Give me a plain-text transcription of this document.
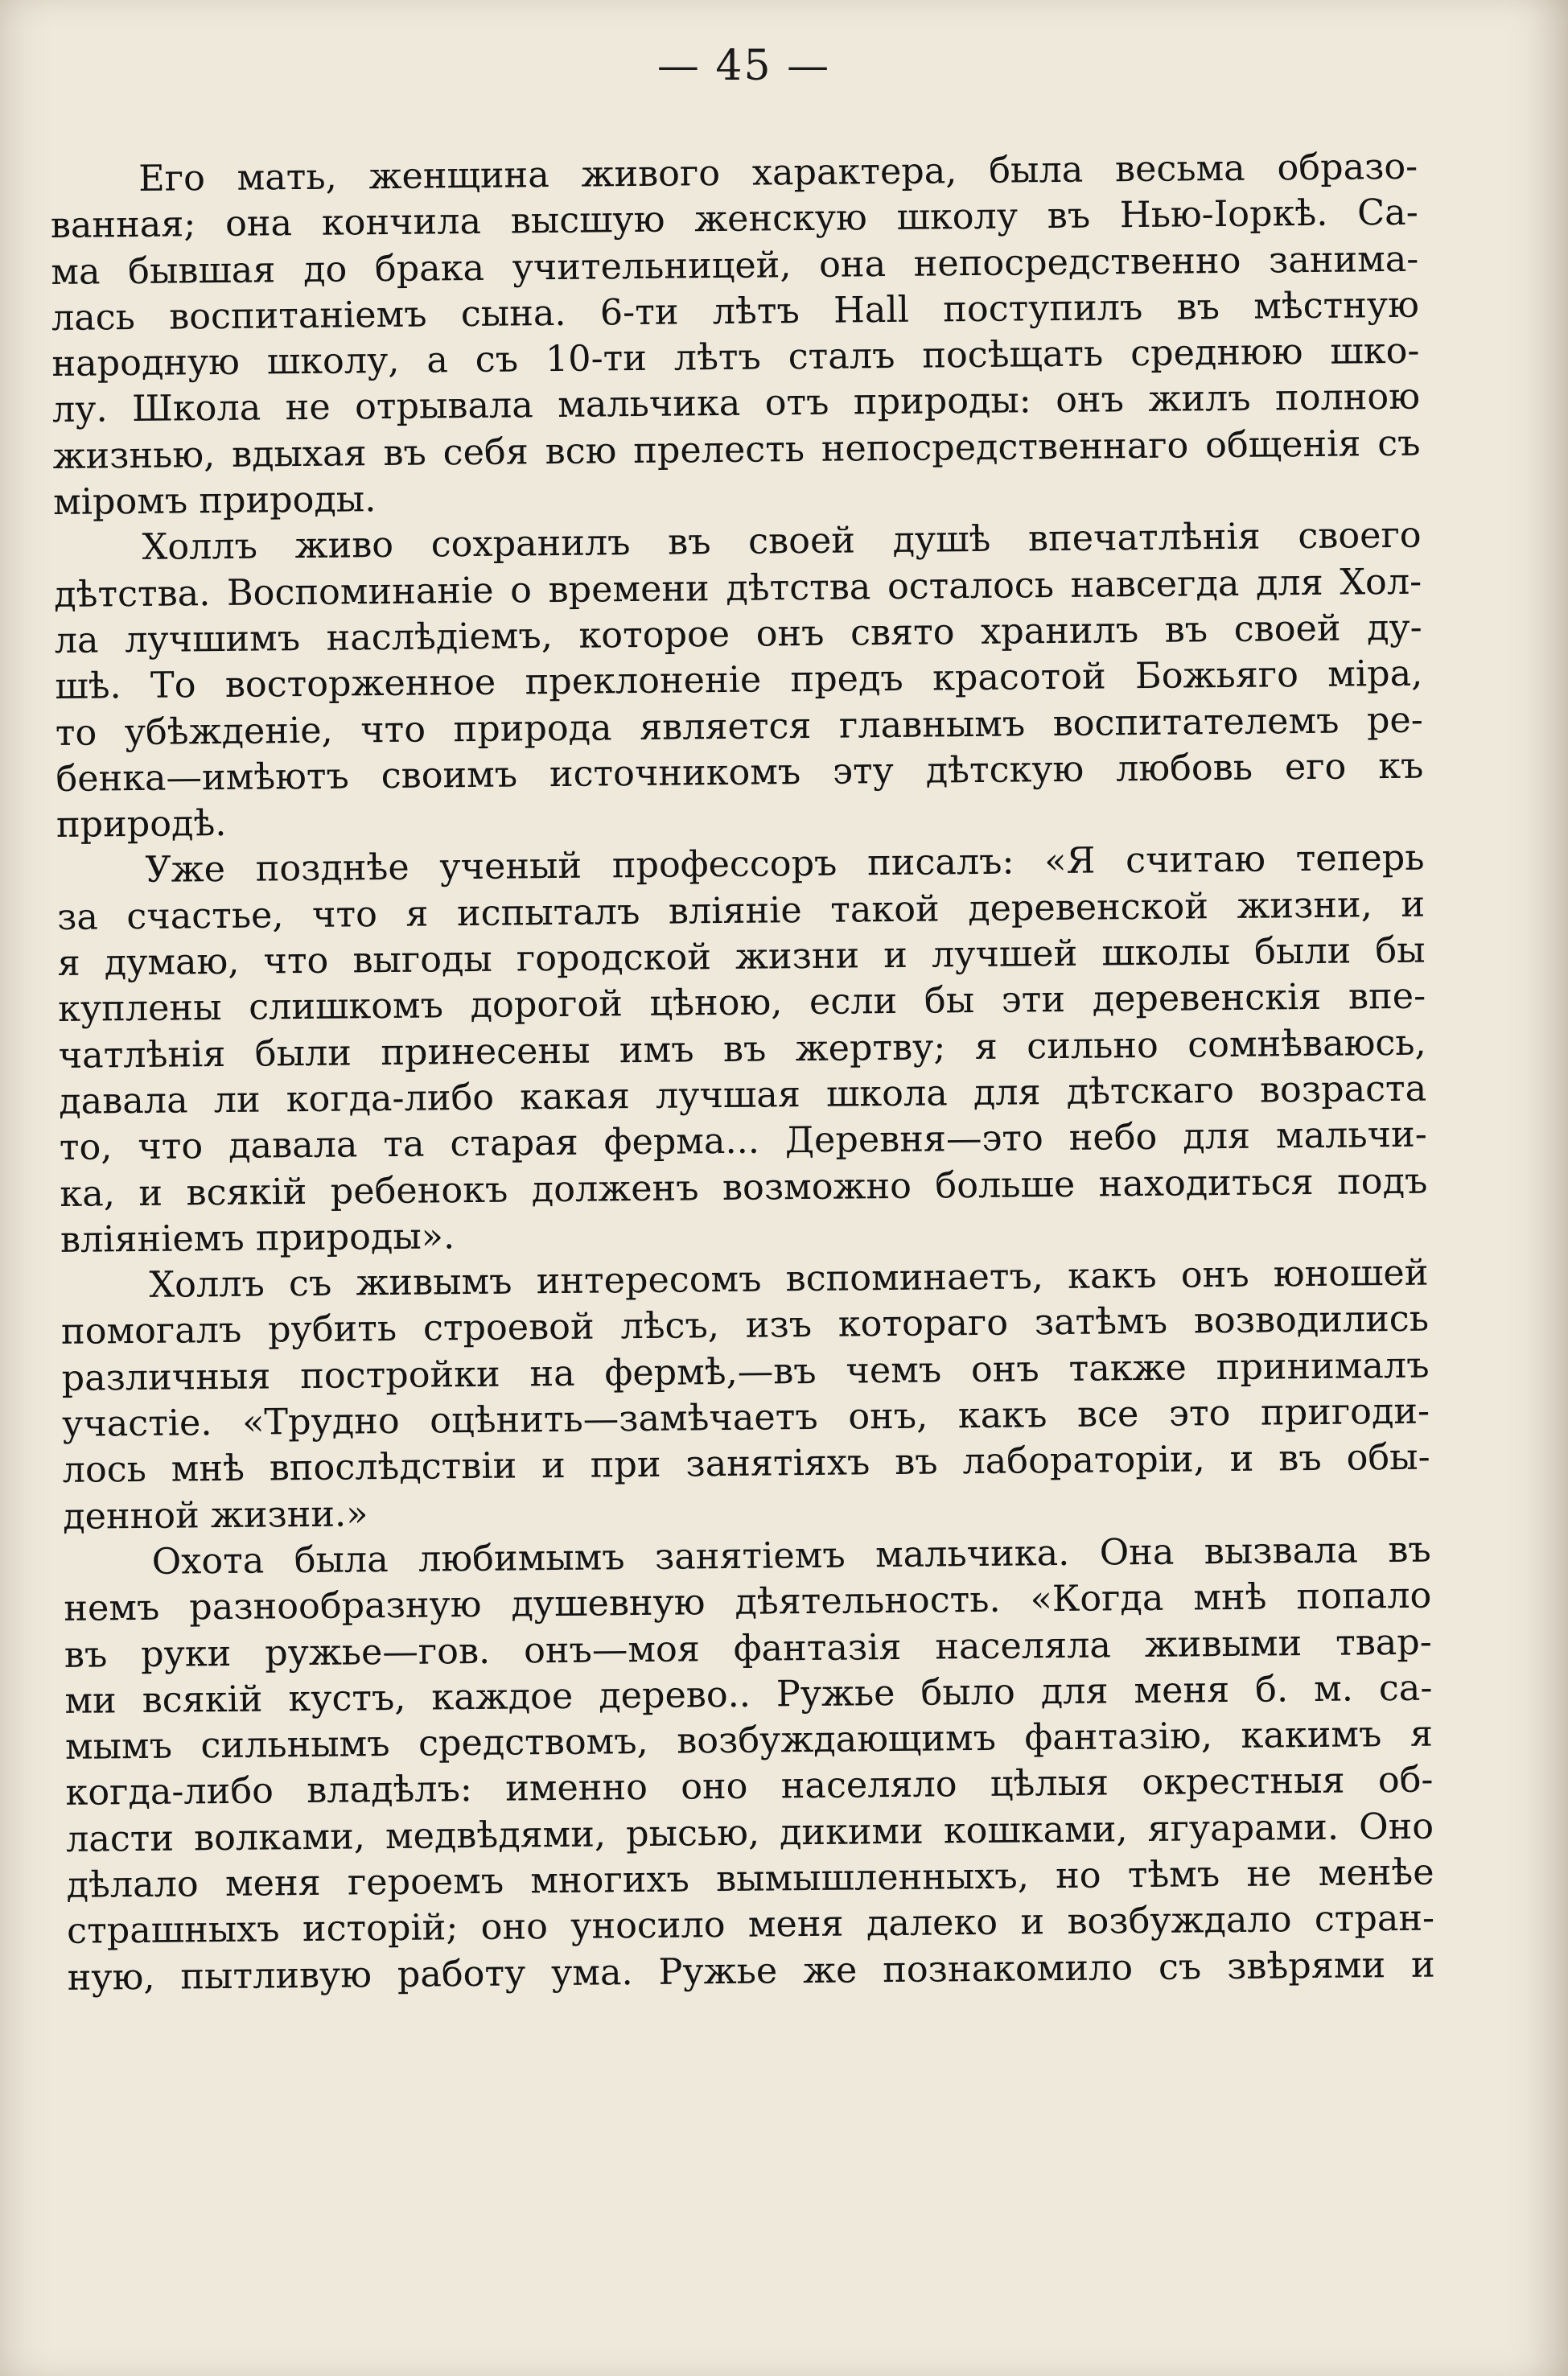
— 45 —
Его мать, женщина живого характера, была весьма образо-
ванная; она кончила высшую женскую школу въ Нью-Іоркѣ. Са-
ма бывшая до брака учительницей, она непосредственно занима-
лась воспитаніемъ сына. 6-ти лѣтъ Hall поступилъ въ мѣстную
народную школу, а съ 10-ти лѣтъ сталъ посѣщать среднюю шко-
лу. Школа не отрывала мальчика отъ природы: онъ жилъ полною
жизнью, вдыхая въ себя всю прелесть непосредственнаго общенія съ
міромъ природы.
Холлъ живо сохранилъ въ своей душѣ впечатлѣнія своего
дѣтства. Воспоминаніе о времени дѣтства осталось навсегда для Хол-
ла лучшимъ наслѣдіемъ, которое онъ свято хранилъ въ своей ду-
шѣ. То восторженное преклоненіе предъ красотой Божьяго міра,
то убѣжденіе, что природа является главнымъ воспитателемъ ре-
бенка—имѣютъ своимъ источникомъ эту дѣтскую любовь его къ
природѣ.
Уже позднѣе ученый профессоръ писалъ: «Я считаю теперь
за счастье, что я испыталъ вліяніе такой деревенской жизни, и
я думаю, что выгоды городской жизни и лучшей школы были бы
куплены слишкомъ дорогой цѣною, если бы эти деревенскія впе-
чатлѣнія были принесены имъ въ жертву; я сильно сомнѣваюсь,
давала ли когда-либо какая лучшая школа для дѣтскаго возраста
то, что давала та старая ферма... Деревня—это небо для мальчи-
ка, и всякій ребенокъ долженъ возможно больше находиться подъ
вліяніемъ природы».
Холлъ съ живымъ интересомъ вспоминаетъ, какъ онъ юношей
помогалъ рубить строевой лѣсъ, изъ котораго затѣмъ возводились
различныя постройки на фермѣ,—въ чемъ онъ также принималъ
участіе. «Трудно оцѣнить—замѣчаетъ онъ, какъ все это пригоди-
лось мнѣ впослѣдствіи и при занятіяхъ въ лабораторіи, и въ обы-
денной жизни.»
Охота была любимымъ занятіемъ мальчика. Она вызвала въ
немъ разнообразную душевную дѣятельность. «Когда мнѣ попало
въ руки ружье—гов. онъ—моя фантазія населяла живыми твар-
ми всякій кустъ, каждое дерево.. Ружье было для меня б. м. са-
мымъ сильнымъ средствомъ, возбуждающимъ фантазію, какимъ я
когда-либо владѣлъ: именно оно населяло цѣлыя окрестныя об-
ласти волками, медвѣдями, рысью, дикими кошками, ягуарами. Оно
дѣлало меня героемъ многихъ вымышленныхъ, но тѣмъ не менѣе
страшныхъ исторій; оно уносило меня далеко и возбуждало стран-
ную, пытливую работу ума. Ружье же познакомило съ звѣрями и
